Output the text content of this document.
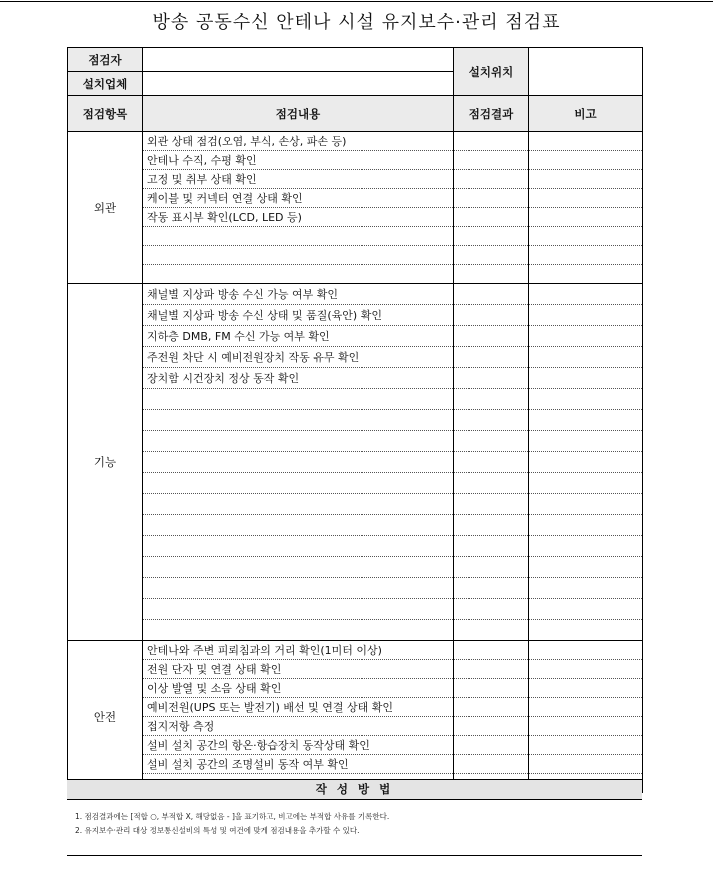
방송 공동수신 안테나 시설 유지보수·관리 점검표
점검자		설치위치	
설치업체			
점검항목	점검내용	점검결과	비고
외관	외관 상태 점검(오염, 부식, 손상, 파손 등)		
	안테나 수직, 수평 확인		
	고정 및 취부 상태 확인		
	케이블 및 커넥터 연결 상태 확인		
	작동 표시부 확인(LCD, LED 등)		

기능	채널별 지상파 방송 수신 가능 여부 확인		
	채널별 지상파 방송 수신 상태 및 품질(육안) 확인		
	지하층 DMB, FM 수신 가능 여부 확인		
	주전원 차단 시 예비전원장치 작동 유무 확인		
	장치함 시건장치 정상 동작 확인		

안전	안테나와 주변 피뢰침과의 거리 확인(1미터 이상)		
	전원 단자 및 연결 상태 확인		
	이상 발열 및 소음 상태 확인		
	예비전원(UPS 또는 발전기) 배선 및 연결 상태 확인		
	접지저항 측정		
	설비 설치 공간의 항온·항습장치 동작상태 확인		
	설비 설치 공간의 조명설비 동작 여부 확인		

작 성 방 법
1. 점검결과에는 [적합 ○, 부적합 X, 해당없음 - ]을 표기하고, 비고에는 부적합 사유를 기록한다.
2. 유지보수·관리 대상 정보통신설비의 특성 및 여건에 맞게 점검내용을 추가할 수 있다.
